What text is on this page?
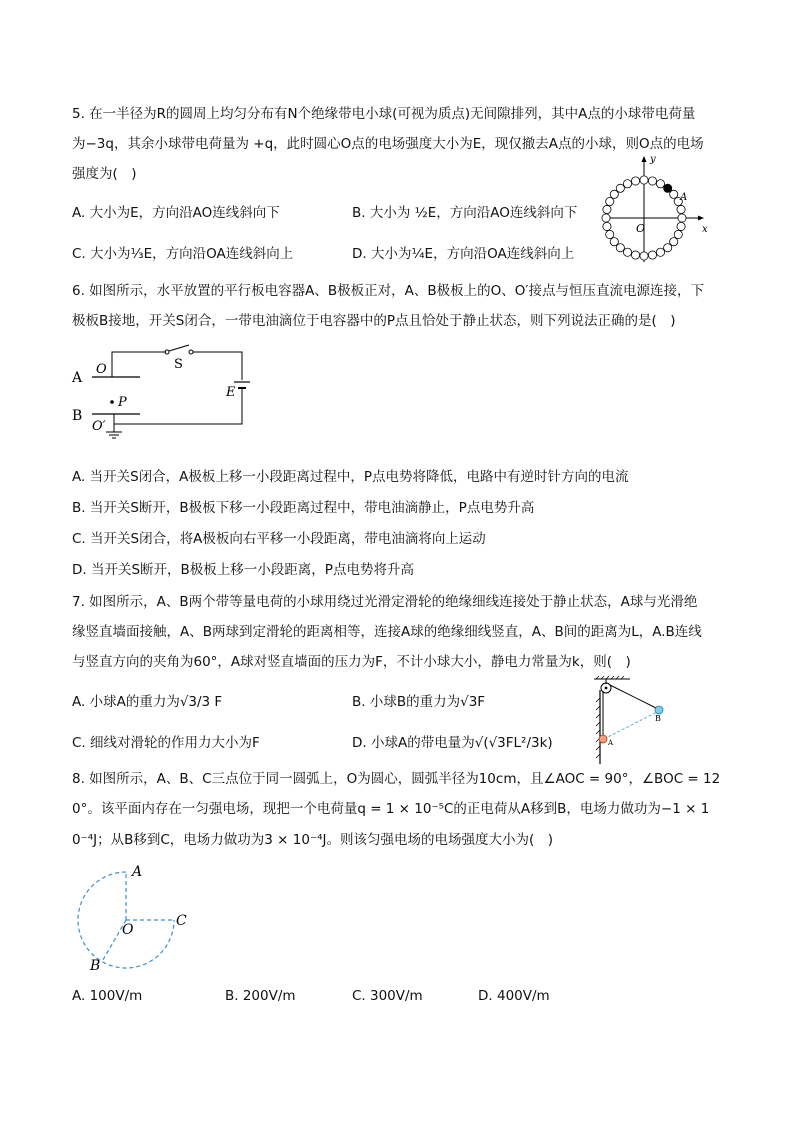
5. 在一半径为R的圆周上均匀分布有N个绝缘带电小球(可视为质点)无间隙排列，其中A点的小球带电荷量
为−3q，其余小球带电荷量为 +q，此时圆心O点的电场强度大小为E，现仅撤去A点的小球，则O点的电场
强度为(　)
A. 大小为E，方向沿AO连线斜向下	B. 大小为 ½E，方向沿AO连线斜向下
C. 大小为⅓E，方向沿OA连线斜向上	D. 大小为¼E，方向沿OA连线斜向上
y
x
O
A
6. 如图所示，水平放置的平行板电容器A、B极板正对，A、B极板上的O、O′接点与恒压直流电源连接，下
极板B接地，开关S闭合，一带电油滴位于电容器中的P点且恰处于静止状态，则下列说法正确的是(　)
A
B
O
O′
P
S
E
A. 当开关S闭合，A极板上移一小段距离过程中，P点电势将降低，电路中有逆时针方向的电流
B. 当开关S断开，B极板下移一小段距离过程中，带电油滴静止，P点电势升高
C. 当开关S闭合，将A极板向右平移一小段距离，带电油滴将向上运动
D. 当开关S断开，B极板上移一小段距离，P点电势将升高
7. 如图所示，A、B两个带等量电荷的小球用绕过光滑定滑轮的绝缘细线连接处于静止状态，A球与光滑绝
缘竖直墙面接触，A、B两球到定滑轮的距离相等，连接A球的绝缘细线竖直，A、B间的距离为L，A.B连线
与竖直方向的夹角为60°，A球对竖直墙面的压力为F，不计小球大小，静电力常量为k，则(　)
A. 小球A的重力为√3/3 F	B. 小球B的重力为√3F
C. 细线对滑轮的作用力大小为F	D. 小球A的带电量为√(√3FL²/3k)	A
B
8. 如图所示，A、B、C三点位于同一圆弧上，O为圆心，圆弧半径为10cm，且∠AOC = 90°，∠BOC = 12
0°。该平面内存在一匀强电场，现把一个电荷量q = 1 × 10⁻⁵C的正电荷从A移到B，电场力做功为−1 × 1
0⁻⁴J；从B移到C，电场力做功为3 × 10⁻⁴J。则该匀强电场的电场强度大小为(　)
A
C
O
B
A. 100V/m	B. 200V/m	C. 300V/m	D. 400V/m
